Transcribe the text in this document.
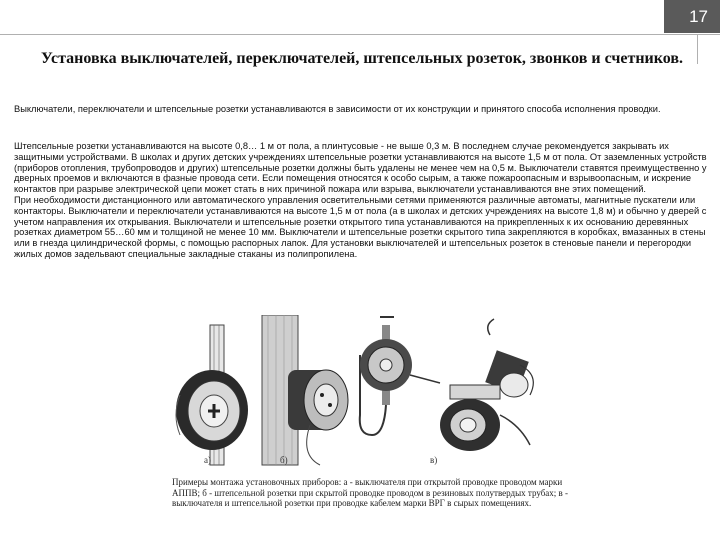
17
Установка выключателей, переключателей, штепсельных розеток, звонков и счетников.

Выключатели, переключатели и штепсельные розетки устанавливаются в зависимости от их конструкции и принятого способа исполнения проводки.

Штепсельные розетки устанавливаются на высоте 0,8… 1 м от пола, а плинтусовые - не выше 0,3 м. В последнем случае рекомендуется закрывать их защитными устройствами. В школах и других детских учреждениях штепсельные розетки устанавливаются на высоте 1,5 м от пола. От заземленных устройств (приборов отопления, трубопроводов и других) штепсельные розетки должны быть удалены не менее чем на 0,5 м. Выключатели ставятся преимущественно у дверных проемов и включаются в фазные провода сети. Если помещения относятся к особо сырым, а также пожароопасным и взрывоопасным, и искрение контактов при разрыве электрической цепи может стать в них причиной пожара или взрыва, выключатели устанавливаются вне этих помещений.

При необходимости дистанционного или автоматического управления осветительными сетями применяются различные автоматы, магнитные пускатели или контакторы. Выключатели и переключатели устанавливаются на высоте 1,5 м от пола (а в школах и детских учреждениях на высоте 1,8 м) и обычно у дверей с учетом направления их открывания. Выключатели и штепсельные розетки открытого типа устанавливаются на прикрепленных к их основанию деревянных розетках диаметром 55…60 мм и толщиной не менее 10 мм. Выключатели и штепсельные розетки скрытого типа закрепляются в коробках, вмазанных в стены или в гнезда цилиндрической формы, с помощью распорных лапок. Для установки выключателей и штепсельных розеток в стеновые панели и перегородки жилых домов задельвают специальные закладные стаканы из полипропилена.

а)	б)	в)
Примеры монтажа установочных приборов: а - выключателя при открытой проводке проводом марки АППВ; б - штепсельной розетки при скрытой проводке проводом в резиновых полутвердых трубах; в - выключателя и штепсельной розетки при проводке кабелем марки ВРГ в сырых помещениях.
